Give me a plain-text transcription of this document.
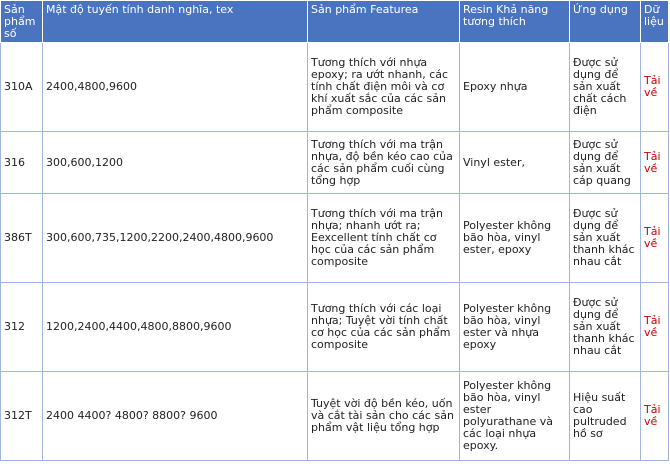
Sản phẩm số	Mật độ tuyến tính danh nghĩa, tex	Sản phẩm Featurea	Resin Khả năng tương thích	Ứng dụng	Dữ liệu
310A	2400,4800,9600	Tương thích với nhựa epoxy; ra ướt nhanh, các tính chất điện môi và cơ khí xuất sắc của các sản phẩm composite	Epoxy nhựa	Được sử dụng để sản xuất chất cách điện	Tải về
316	300,600,1200	Tương thích với ma trận nhựa, độ bền kéo cao của các sản phẩm cuối cùng tổng hợp	Vinyl ester,	Được sử dụng để sản xuất cáp quang	Tải về
386T	300,600,735,1200,2200,2400,4800,9600	Tương thích với ma trận nhựa; nhanh ướt ra; Eexcellent tính chất cơ học của các sản phẩm composite	Polyester không bão hòa, vinyl ester, epoxy	Được sử dụng để sản xuất thanh khác nhau cắt	Tải về
312	1200,2400,4400,4800,8800,9600	Tương thích với các loại nhựa; Tuyệt vời tính chất cơ học của các sản phẩm composite	Polyester không bão hòa, vinyl ester và nhựa epoxy	Được sử dụng để sản xuất thanh khác nhau cắt	Tải về
312T	2400 4400? 4800? 8800? 9600	Tuyệt vời độ bền kéo, uốn và cắt tài sản cho các sản phẩm vật liệu tổng hợp	Polyester không bão hòa, vinyl ester polyurathane và các loại nhựa epoxy.	Hiệu suất cao pultruded hồ sơ	Tải về
